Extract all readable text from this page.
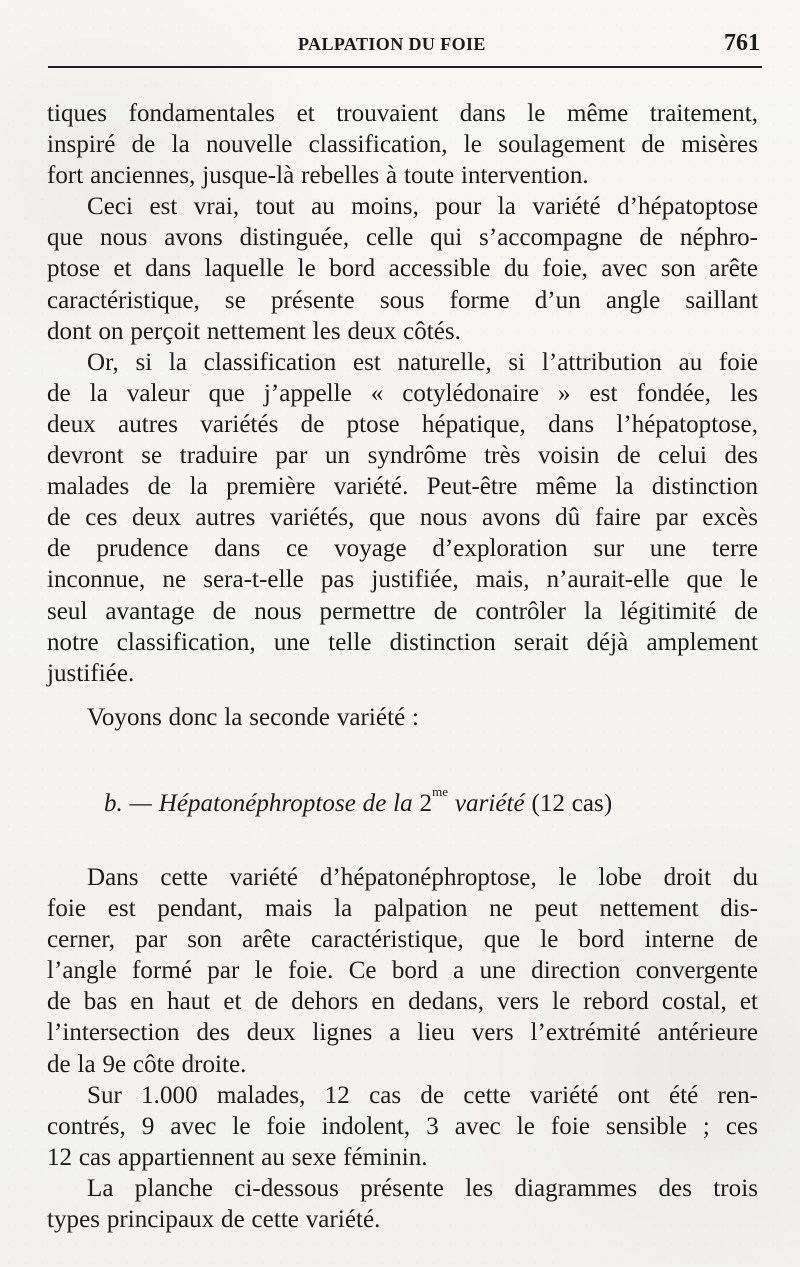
PALPATION DU FOIE	761

tiques fondamentales et trouvaient dans le même traitement,
inspiré de la nouvelle classification, le soulagement de misères
fort anciennes, jusque-là rebelles à toute intervention.

Ceci est vrai, tout au moins, pour la variété d’hépatoptose
que nous avons distinguée, celle qui s’accompagne de néphro-
ptose et dans laquelle le bord accessible du foie, avec son arête
caractéristique, se présente sous forme d’un angle saillant
dont on perçoit nettement les deux côtés.

Or, si la classification est naturelle, si l’attribution au foie
de la valeur que j’appelle « cotylédonaire » est fondée, les
deux autres variétés de ptose hépatique, dans l’hépatoptose,
devront se traduire par un syndrôme très voisin de celui des
malades de la première variété. Peut-être même la distinction
de ces deux autres variétés, que nous avons dû faire par excès
de prudence dans ce voyage d’exploration sur une terre
inconnue, ne sera-t-elle pas justifiée, mais, n’aurait-elle que le
seul avantage de nous permettre de contrôler la légitimité de
notre classification, une telle distinction serait déjà amplement
justifiée.

Voyons donc la seconde variété :

b. — Hépatonéphroptose de la $2^{me}$ variété (12 cas)

Dans cette variété d’hépatonéphroptose, le lobe droit du
foie est pendant, mais la palpation ne peut nettement dis-
cerner, par son arête caractéristique, que le bord interne de
l’angle formé par le foie. Ce bord a une direction convergente
de bas en haut et de dehors en dedans, vers le rebord costal, et
l’intersection des deux lignes a lieu vers l’extrémité antérieure
de la 9e côte droite.

Sur 1.000 malades, 12 cas de cette variété ont été ren-
contrés, 9 avec le foie indolent, 3 avec le foie sensible ; ces
12 cas appartiennent au sexe féminin.

La planche ci-dessous présente les diagrammes des trois
types principaux de cette variété.
